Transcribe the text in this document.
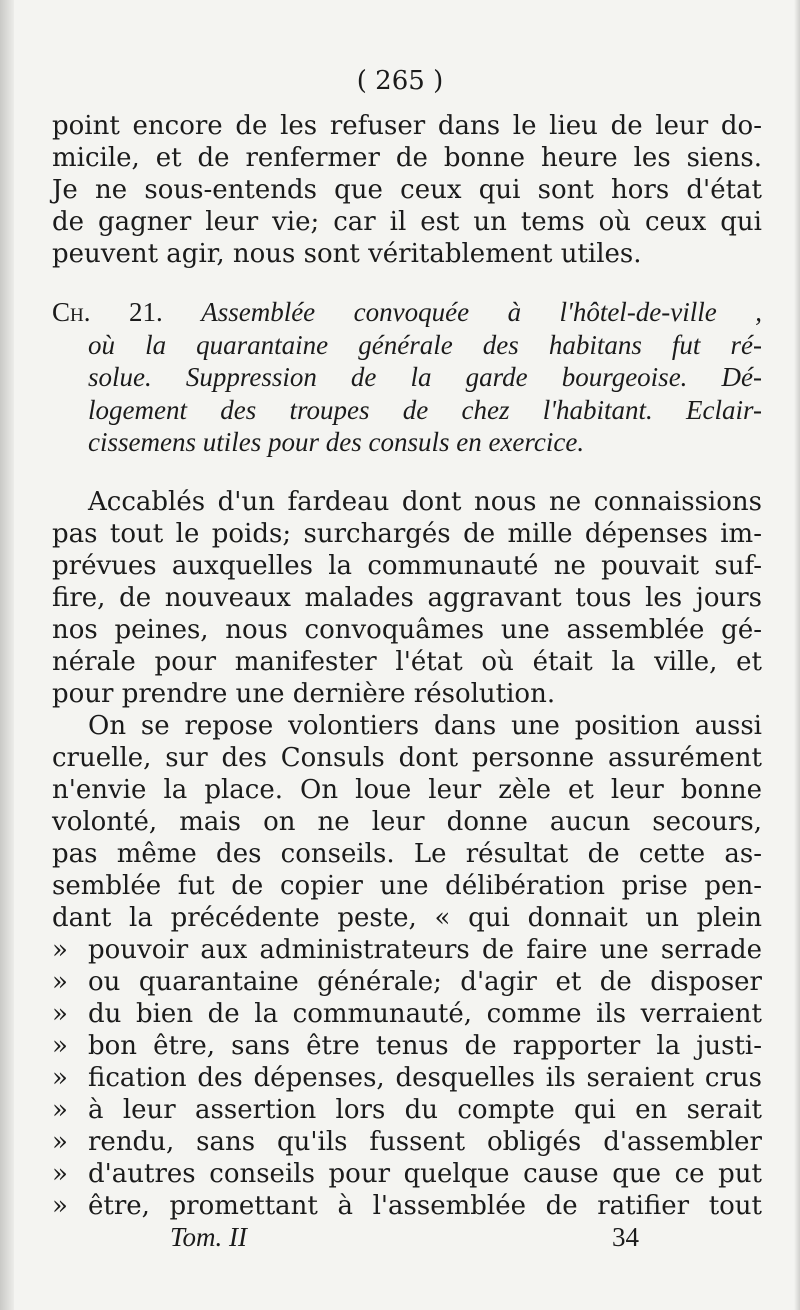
( 265 )
point encore de les refuser dans le lieu de leur do-
micile, et de renfermer de bonne heure les siens.
Je ne sous-entends que ceux qui sont hors d'état
de gagner leur vie; car il est un tems où ceux qui
peuvent agir, nous sont véritablement utiles.
Ch. 21. Assemblée convoquée à l'hôtel-de-ville ,
où la quarantaine générale des habitans fut ré-
solue. Suppression de la garde bourgeoise. Dé-
logement des troupes de chez l'habitant. Eclair-
cissemens utiles pour des consuls en exercice.
Accablés d'un fardeau dont nous ne connaissions
pas tout le poids; surchargés de mille dépenses im-
prévues auxquelles la communauté ne pouvait suf-
fire, de nouveaux malades aggravant tous les jours
nos peines, nous convoquâmes une assemblée gé-
nérale pour manifester l'état où était la ville, et
pour prendre une dernière résolution.
On se repose volontiers dans une position aussi
cruelle, sur des Consuls dont personne assurément
n'envie la place. On loue leur zèle et leur bonne
volonté, mais on ne leur donne aucun secours,
pas même des conseils. Le résultat de cette as-
semblée fut de copier une délibération prise pen-
dant la précédente peste, « qui donnait un plein
» pouvoir aux administrateurs de faire une serrade
» ou quarantaine générale; d'agir et de disposer
» du bien de la communauté, comme ils verraient
» bon être, sans être tenus de rapporter la justi-
» fication des dépenses, desquelles ils seraient crus
» à leur assertion lors du compte qui en serait
» rendu, sans qu'ils fussent obligés d'assembler
» d'autres conseils pour quelque cause que ce put
» être, promettant à l'assemblée de ratifier tout
Tom. II	34
